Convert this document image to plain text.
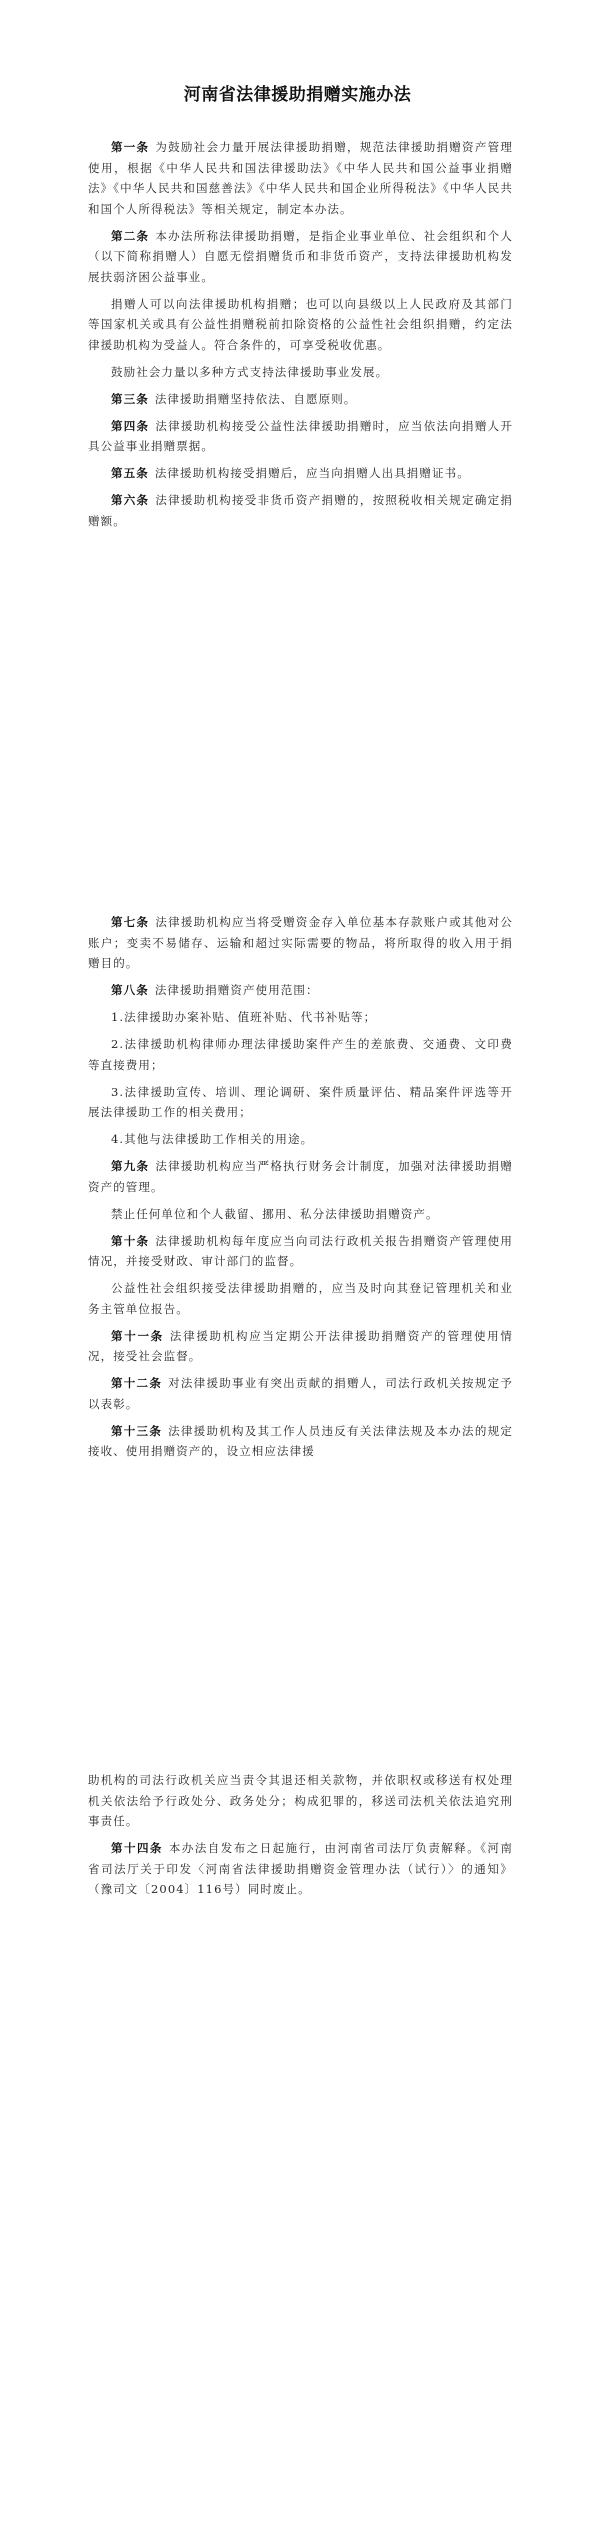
河南省法律援助捐赠实施办法

第一条 为鼓励社会力量开展法律援助捐赠，规范法律援助捐赠资产管理使用，根据《中华人民共和国法律援助法》《中华人民共和国公益事业捐赠法》《中华人民共和国慈善法》《中华人民共和国企业所得税法》《中华人民共和国个人所得税法》等相关规定，制定本办法。

第二条 本办法所称法律援助捐赠，是指企业事业单位、社会组织和个人（以下简称捐赠人）自愿无偿捐赠货币和非货币资产，支持法律援助机构发展扶弱济困公益事业。

捐赠人可以向法律援助机构捐赠；也可以向县级以上人民政府及其部门等国家机关或具有公益性捐赠税前扣除资格的公益性社会组织捐赠，约定法律援助机构为受益人。符合条件的，可享受税收优惠。

鼓励社会力量以多种方式支持法律援助事业发展。

第三条 法律援助捐赠坚持依法、自愿原则。

第四条 法律援助机构接受公益性法律援助捐赠时，应当依法向捐赠人开具公益事业捐赠票据。

第五条 法律援助机构接受捐赠后，应当向捐赠人出具捐赠证书。

第六条 法律援助机构接受非货币资产捐赠的，按照税收相关规定确定捐赠额。

第七条 法律援助机构应当将受赠资金存入单位基本存款账户或其他对公账户；变卖不易储存、运输和超过实际需要的物品，将所取得的收入用于捐赠目的。

第八条 法律援助捐赠资产使用范围：

1.法律援助办案补贴、值班补贴、代书补贴等；

2.法律援助机构律师办理法律援助案件产生的差旅费、交通费、文印费等直接费用；

3.法律援助宣传、培训、理论调研、案件质量评估、精品案件评选等开展法律援助工作的相关费用；

4.其他与法律援助工作相关的用途。

第九条 法律援助机构应当严格执行财务会计制度，加强对法律援助捐赠资产的管理。

禁止任何单位和个人截留、挪用、私分法律援助捐赠资产。

第十条 法律援助机构每年度应当向司法行政机关报告捐赠资产管理使用情况，并接受财政、审计部门的监督。

公益性社会组织接受法律援助捐赠的，应当及时向其登记管理机关和业务主管单位报告。

第十一条 法律援助机构应当定期公开法律援助捐赠资产的管理使用情况，接受社会监督。

第十二条 对法律援助事业有突出贡献的捐赠人，司法行政机关按规定予以表彰。

第十三条 法律援助机构及其工作人员违反有关法律法规及本办法的规定接收、使用捐赠资产的，设立相应法律援

助机构的司法行政机关应当责令其退还相关款物，并依职权或移送有权处理机关依法给予行政处分、政务处分；构成犯罪的，移送司法机关依法追究刑事责任。

第十四条 本办法自发布之日起施行，由河南省司法厅负责解释。《河南省司法厅关于印发〈河南省法律援助捐赠资金管理办法（试行）〉的通知》（豫司文〔2004〕116号）同时废止。
